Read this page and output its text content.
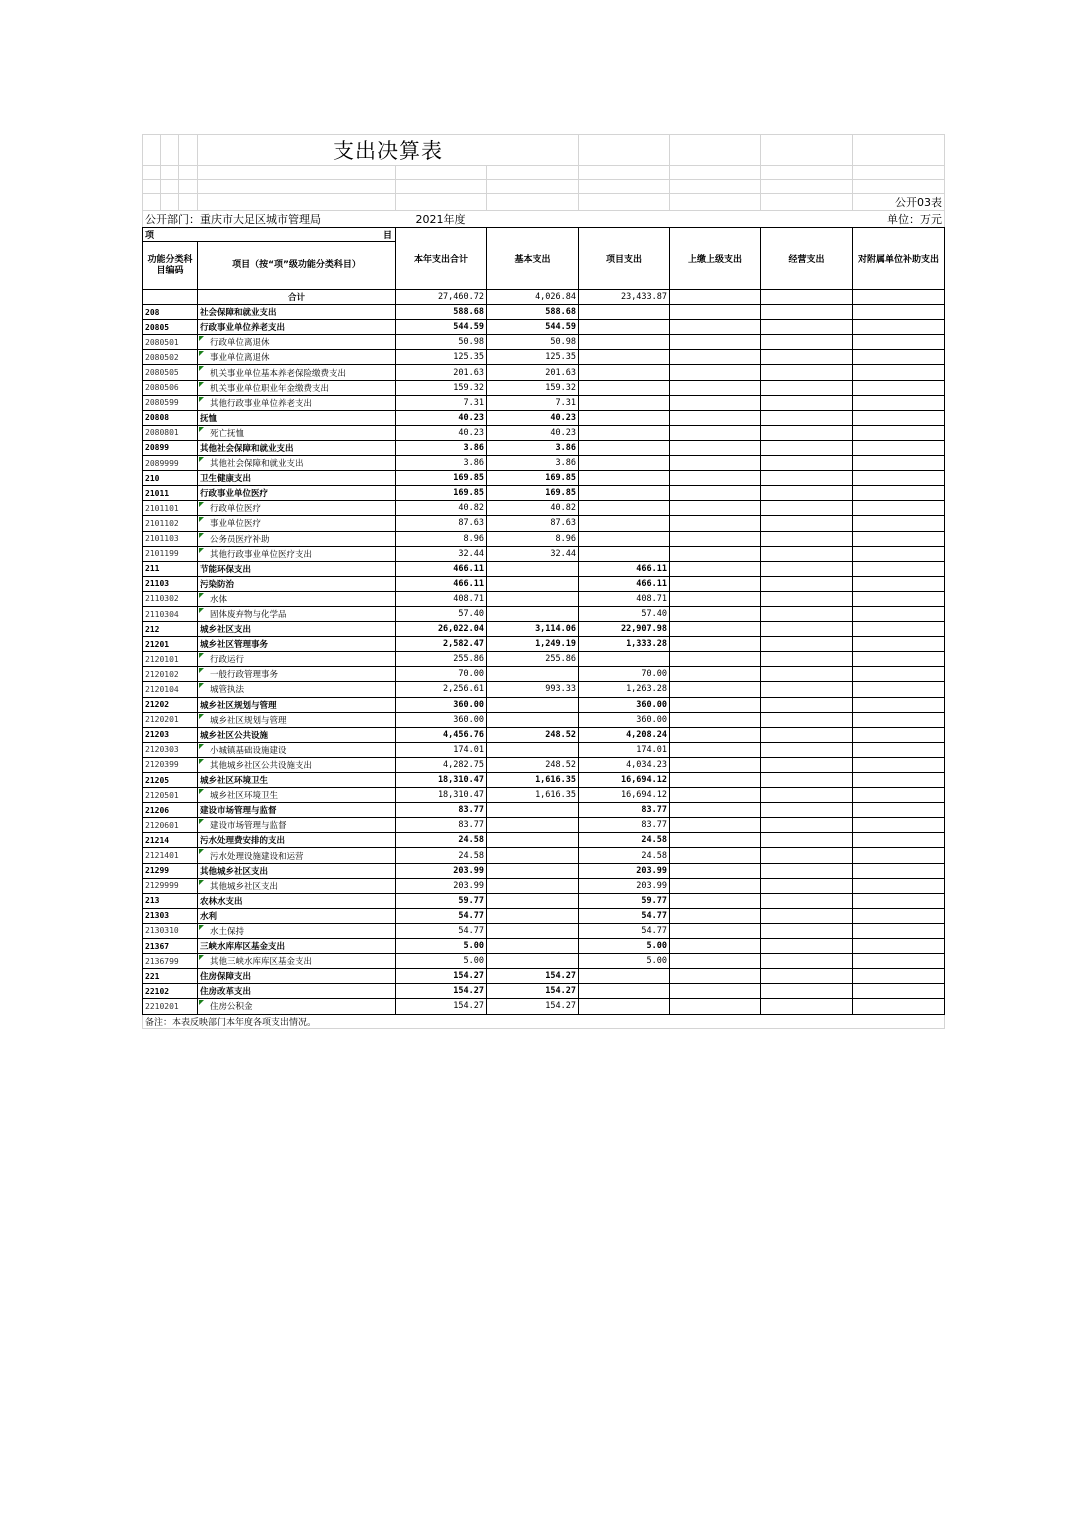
			支出决算表						

									公开03表
公开部门：重庆市大足区城市管理局				2021年度					单位：万元
项 目				本年支出合计	基本支出	项目支出	上缴上级支出	经营支出	对附属单位补助支出
功能分类科目编码			项目（按“项”级功能分类科目）						
			合计	27,460.72	4,026.84	23,433.87			
208			社会保障和就业支出	588.68	588.68				
20805			行政事业单位养老支出	544.59	544.59				
2080501			行政单位离退休	50.98	50.98				
2080502			事业单位离退休	125.35	125.35				
2080505			机关事业单位基本养老保险缴费支出	201.63	201.63				
2080506			机关事业单位职业年金缴费支出	159.32	159.32				
2080599			其他行政事业单位养老支出	7.31	7.31				
20808			抚恤	40.23	40.23				
2080801			死亡抚恤	40.23	40.23				
20899			其他社会保障和就业支出	3.86	3.86				
2089999			其他社会保障和就业支出	3.86	3.86				
210			卫生健康支出	169.85	169.85				
21011			行政事业单位医疗	169.85	169.85				
2101101			行政单位医疗	40.82	40.82				
2101102			事业单位医疗	87.63	87.63				
2101103			公务员医疗补助	8.96	8.96				
2101199			其他行政事业单位医疗支出	32.44	32.44				
211			节能环保支出	466.11		466.11			
21103			污染防治	466.11		466.11			
2110302			水体	408.71		408.71			
2110304			固体废弃物与化学品	57.40		57.40			
212			城乡社区支出	26,022.04	3,114.06	22,907.98			
21201			城乡社区管理事务	2,582.47	1,249.19	1,333.28			
2120101			行政运行	255.86	255.86				
2120102			一般行政管理事务	70.00		70.00			
2120104			城管执法	2,256.61	993.33	1,263.28			
21202			城乡社区规划与管理	360.00		360.00			
2120201			城乡社区规划与管理	360.00		360.00			
21203			城乡社区公共设施	4,456.76	248.52	4,208.24			
2120303			小城镇基础设施建设	174.01		174.01			
2120399			其他城乡社区公共设施支出	4,282.75	248.52	4,034.23			
21205			城乡社区环境卫生	18,310.47	1,616.35	16,694.12			
2120501			城乡社区环境卫生	18,310.47	1,616.35	16,694.12			
21206			建设市场管理与监督	83.77		83.77			
2120601			建设市场管理与监督	83.77		83.77			
21214			污水处理费安排的支出	24.58		24.58			
2121401			污水处理设施建设和运营	24.58		24.58			
21299			其他城乡社区支出	203.99		203.99			
2129999			其他城乡社区支出	203.99		203.99			
213			农林水支出	59.77		59.77			
21303			水利	54.77		54.77			
2130310			水土保持	54.77		54.77			
21367			三峡水库库区基金支出	5.00		5.00			
2136799			其他三峡水库库区基金支出	5.00		5.00			
221			住房保障支出	154.27	154.27				
22102			住房改革支出	154.27	154.27				
2210201			住房公积金	154.27	154.27				
备注：本表反映部门本年度各项支出情况。									
